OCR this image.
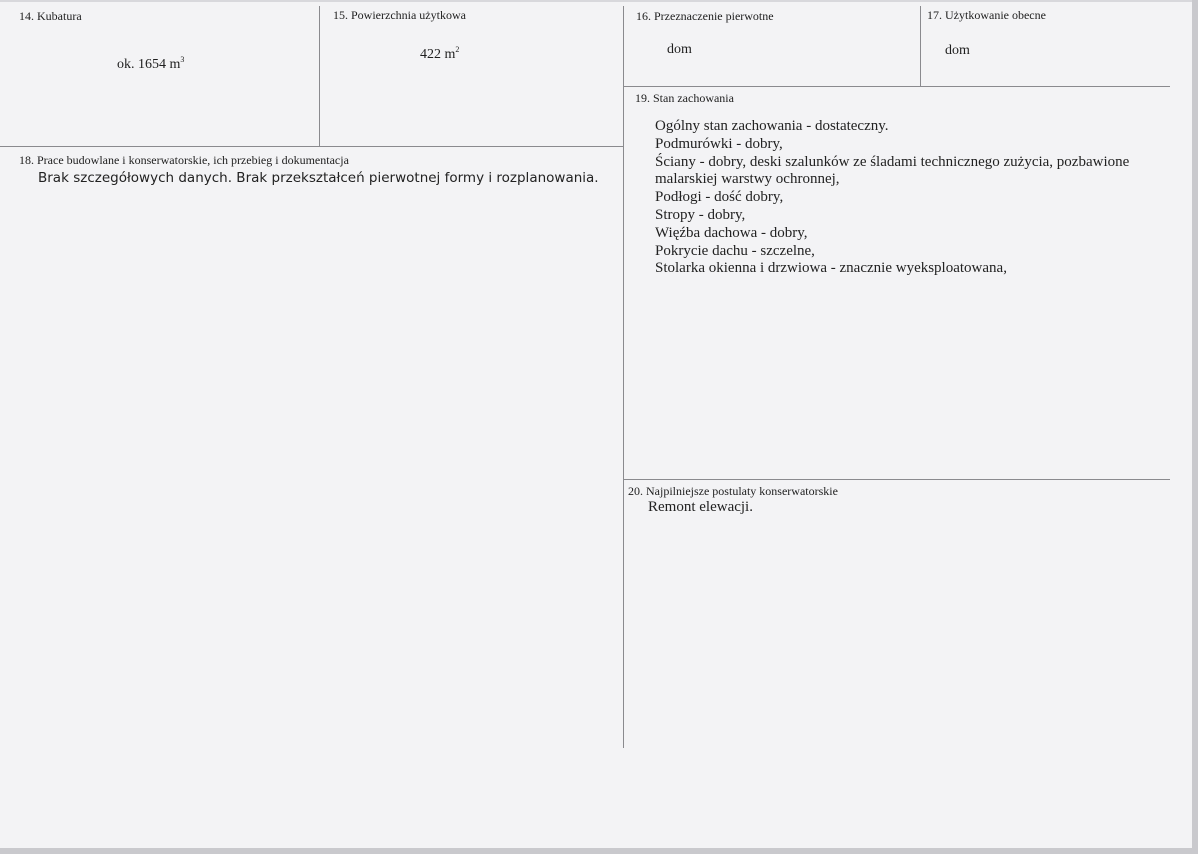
14. Kubatura
ok. 1654 $m^3$
15. Powierzchnia użytkowa
422 $m^2$
16. Przeznaczenie pierwotne
dom
17. Użytkowanie obecne
dom
18. Prace budowlane i konserwatorskie, ich przebieg i dokumentacja
Brak szczegółowych danych. Brak przekształceń pierwotnej formy i rozplanowania.
19. Stan zachowania
Ogólny stan zachowania - dostateczny.
Podmurówki - dobry,
Ściany - dobry, deski szalunków ze śladami technicznego zużycia, pozbawione
malarskiej warstwy ochronnej,
Podłogi - dość dobry,
Stropy - dobry,
Więźba dachowa - dobry,
Pokrycie dachu - szczelne,
Stolarka okienna i drzwiowa - znacznie wyeksploatowana,
20. Najpilniejsze postulaty konserwatorskie
Remont elewacji.
